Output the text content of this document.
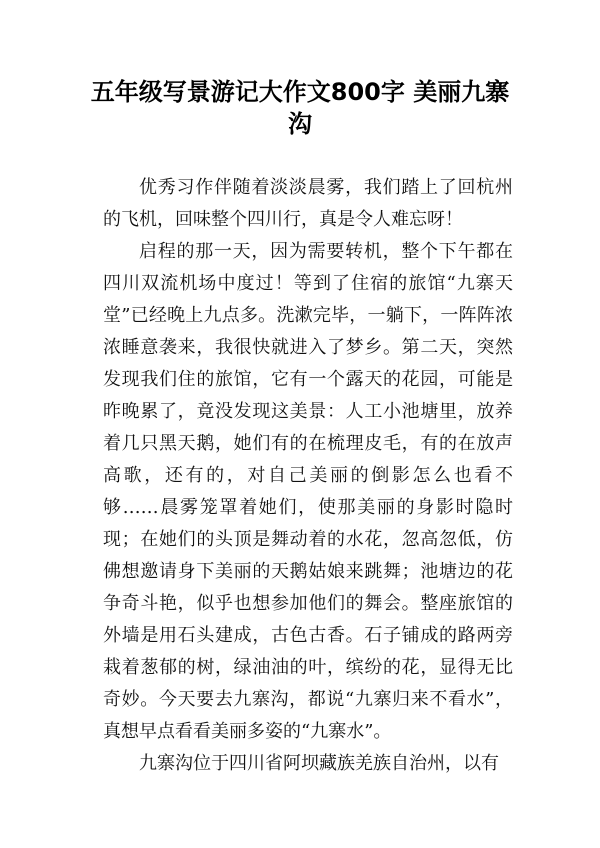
五年级写景游记大作文800字 美丽九寨沟

优秀习作伴随着淡淡晨雾，我们踏上了回杭州的飞机，回味整个四川行，真是令人难忘呀！

启程的那一天，因为需要转机，整个下午都在四川双流机场中度过！等到了住宿的旅馆“九寨天堂”已经晚上九点多。洗漱完毕，一躺下，一阵阵浓浓睡意袭来，我很快就进入了梦乡。第二天，突然发现我们住的旅馆，它有一个露天的花园，可能是昨晚累了，竟没发现这美景：人工小池塘里，放养着几只黑天鹅，她们有的在梳理皮毛，有的在放声高歌，还有的，对自己美丽的倒影怎么也看不够……晨雾笼罩着她们，使那美丽的身影时隐时现；在她们的头顶是舞动着的水花，忽高忽低，仿佛想邀请身下美丽的天鹅姑娘来跳舞；池塘边的花争奇斗艳，似乎也想参加他们的舞会。整座旅馆的外墙是用石头建成，古色古香。石子铺成的路两旁栽着葱郁的树，绿油油的叶，缤纷的花，显得无比奇妙。今天要去九寨沟，都说“九寨归来不看水”，真想早点看看美丽多姿的“九寨水”。

九寨沟位于四川省阿坝藏族羌族自治州，以有
